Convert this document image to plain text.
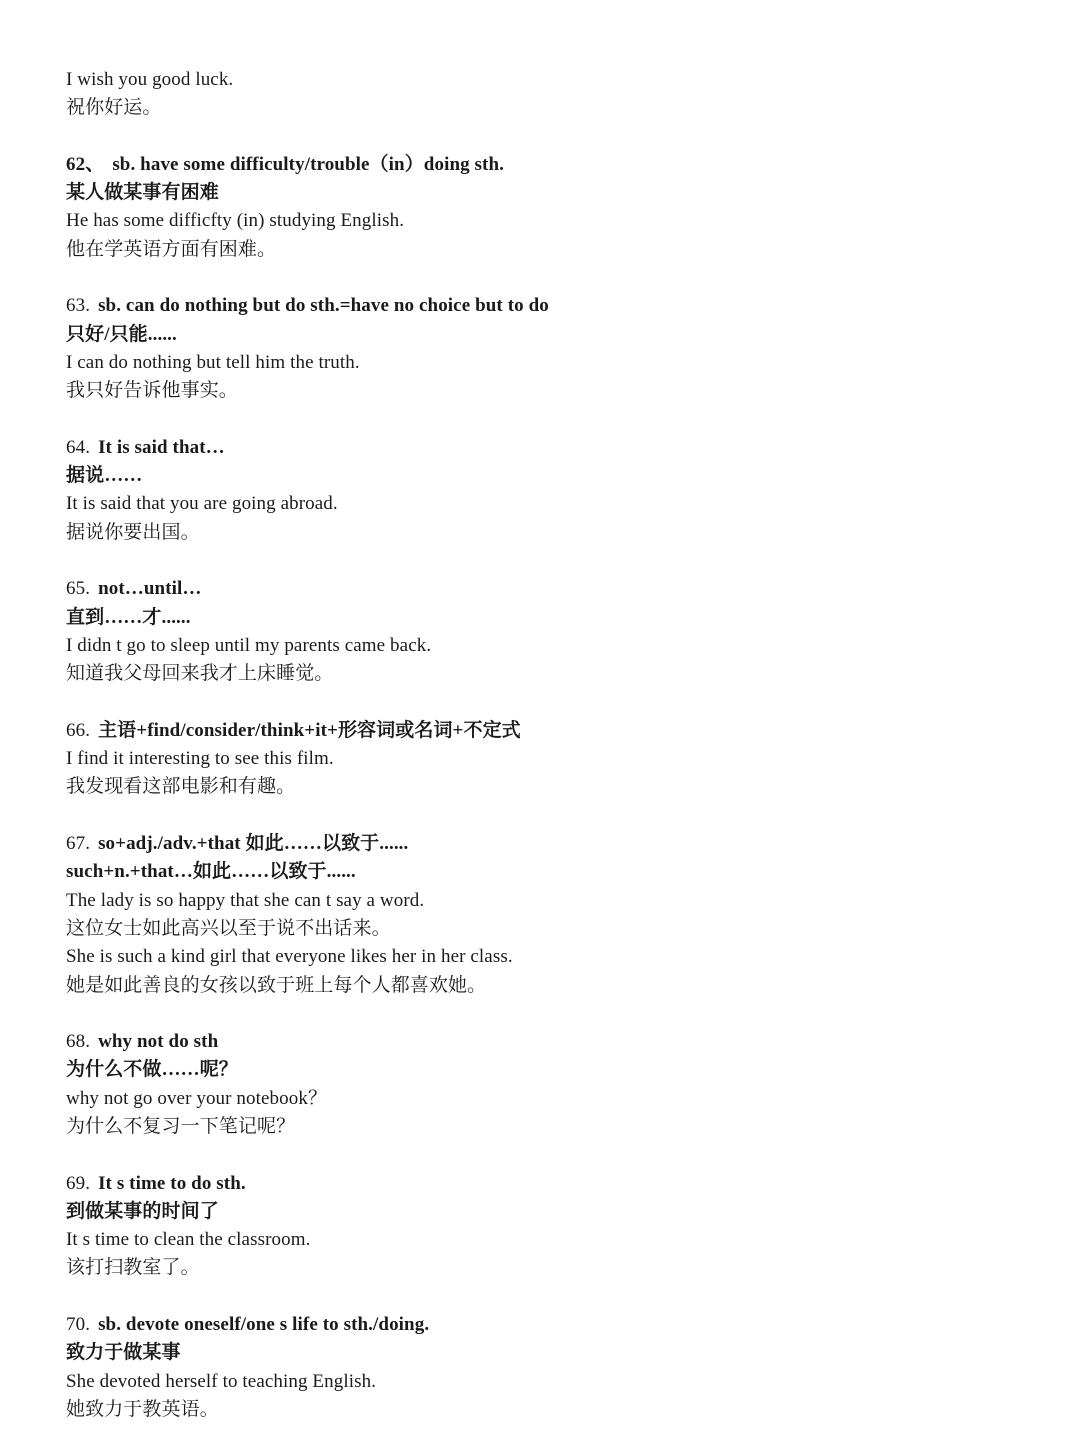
I wish you good luck.
祝你好运。
62、 sb. have some difficulty/trouble（in）doing sth.
某人做某事有困难
He has some difficfty (in) studying English.
他在学英语方面有困难。
63. sb. can do nothing but do sth.=have no choice but to do
只好/只能......
I can do nothing but tell him the truth.
我只好告诉他事实。
64. It is said that…
据说……
It is said that you are going abroad.
据说你要出国。
65. not…until…
直到……才......
I didn t go to sleep until my parents came back.
知道我父母回来我才上床睡觉。
66. 主语+find/consider/think+it+形容词或名词+不定式
I find it interesting to see this film.
我发现看这部电影和有趣。
67. so+adj./adv.+that 如此……以致于......
such+n.+that…如此……以致于......
The lady is so happy that she can t say a word.
这位女士如此高兴以至于说不出话来。
She is such a kind girl that everyone likes her in her class.
她是如此善良的女孩以致于班上每个人都喜欢她。
68. why not do sth
为什么不做……呢？
why not go over your notebook？
为什么不复习一下笔记呢？
69. It s time to do sth.
到做某事的时间了
It s time to clean the classroom.
该打扫教室了。
70. sb. devote oneself/one s life to sth./doing.
致力于做某事
She devoted herself to teaching English.
她致力于教英语。
